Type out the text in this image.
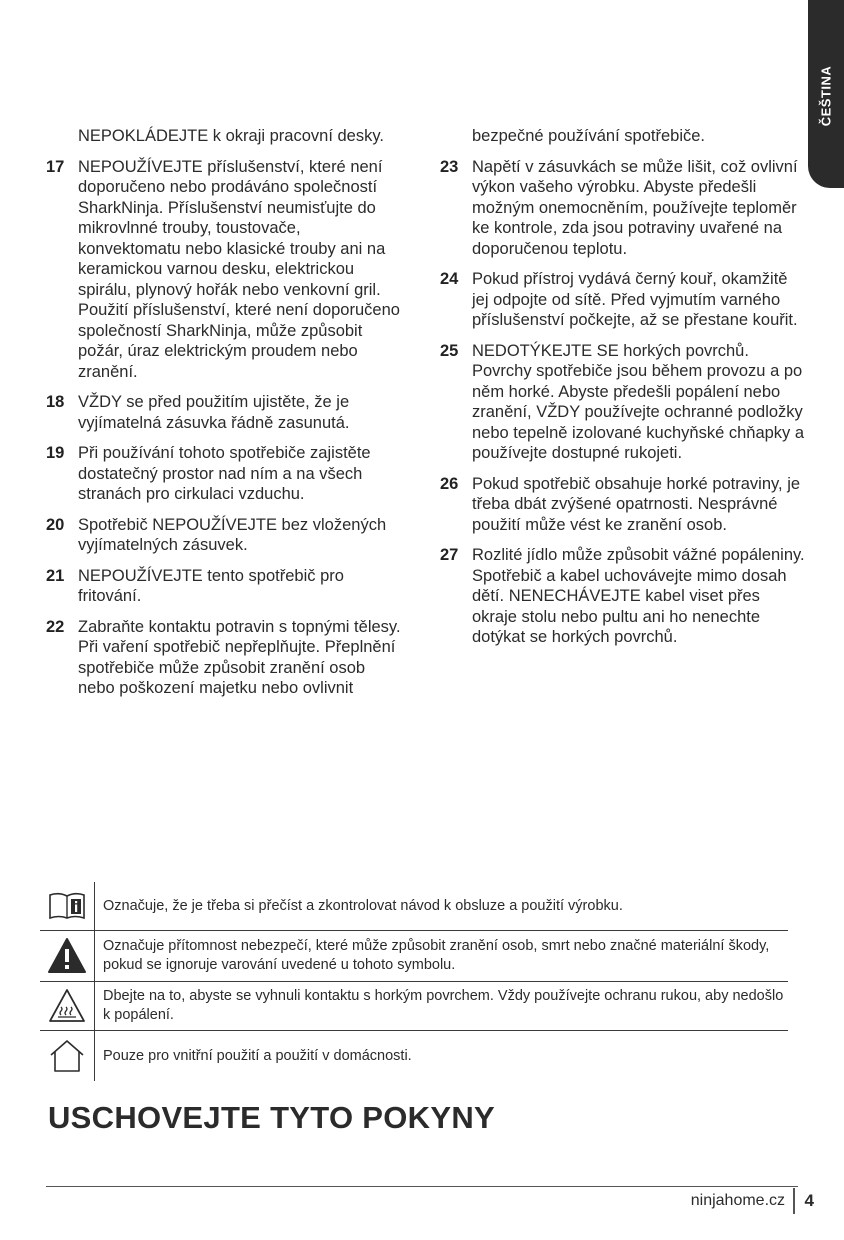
ČEŠTINA
NEPOKLÁDEJTE k okraji pracovní desky.
17 NEPOUŽÍVEJTE příslušenství, které není doporučeno nebo prodáváno společností SharkNinja. Příslušenství neumisťujte do mikrovlnné trouby, toustovače, konvektomatu nebo klasické trouby ani na keramickou varnou desku, elektrickou spirálu, plynový hořák nebo venkovní gril. Použití příslušenství, které není doporučeno společností SharkNinja, může způsobit požár, úraz elektrickým proudem nebo zranění.
18 VŽDY se před použitím ujistěte, že je vyjímatelná zásuvka řádně zasunutá.
19 Při používání tohoto spotřebiče zajistěte dostatečný prostor nad ním a na všech stranách pro cirkulaci vzduchu.
20 Spotřebič NEPOUŽÍVEJTE bez vložených vyjímatelných zásuvek.
21 NEPOUŽÍVEJTE tento spotřebič pro fritování.
22 Zabraňte kontaktu potravin s topnými tělesy. Při vaření spotřebič nepřeplňujte. Přeplnění spotřebiče může způsobit zranění osob nebo poškození majetku nebo ovlivnit
bezpečné používání spotřebiče.
23 Napětí v zásuvkách se může lišit, což ovlivní výkon vašeho výrobku. Abyste předešli možným onemocněním, používejte teploměr ke kontrole, zda jsou potraviny uvařené na doporučenou teplotu.
24 Pokud přístroj vydává černý kouř, okamžitě jej odpojte od sítě. Před vyjmutím varného příslušenství počkejte, až se přestane kouřit.
25 NEDOTÝKEJTE SE horkých povrchů. Povrchy spotřebiče jsou během provozu a po něm horké. Abyste předešli popálení nebo zranění, VŽDY používejte ochranné podložky nebo tepelně izolované kuchyňské chňapky a používejte dostupné rukojeti.
26 Pokud spotřebič obsahuje horké potraviny, je třeba dbát zvýšené opatrnosti. Nesprávné použití může vést ke zranění osob.
27 Rozlité jídlo může způsobit vážné popáleniny. Spotřebič a kabel uchovávejte mimo dosah dětí. NENECHÁVEJTE kabel viset přes okraje stolu nebo pultu ani ho nenechte dotýkat se horkých povrchů.
Označuje, že je třeba si přečíst a zkontrolovat návod k obsluze a použití výrobku.
Označuje přítomnost nebezpečí, které může způsobit zranění osob, smrt nebo značné materiální škody, pokud se ignoruje varování uvedené u tohoto symbolu.
Dbejte na to, abyste se vyhnuli kontaktu s horkým povrchem. Vždy používejte ochranu rukou, aby nedošlo k popálení.
Pouze pro vnitřní použití a použití v domácnosti.
USCHOVEJTE TYTO POKYNY
ninjahome.cz	4
